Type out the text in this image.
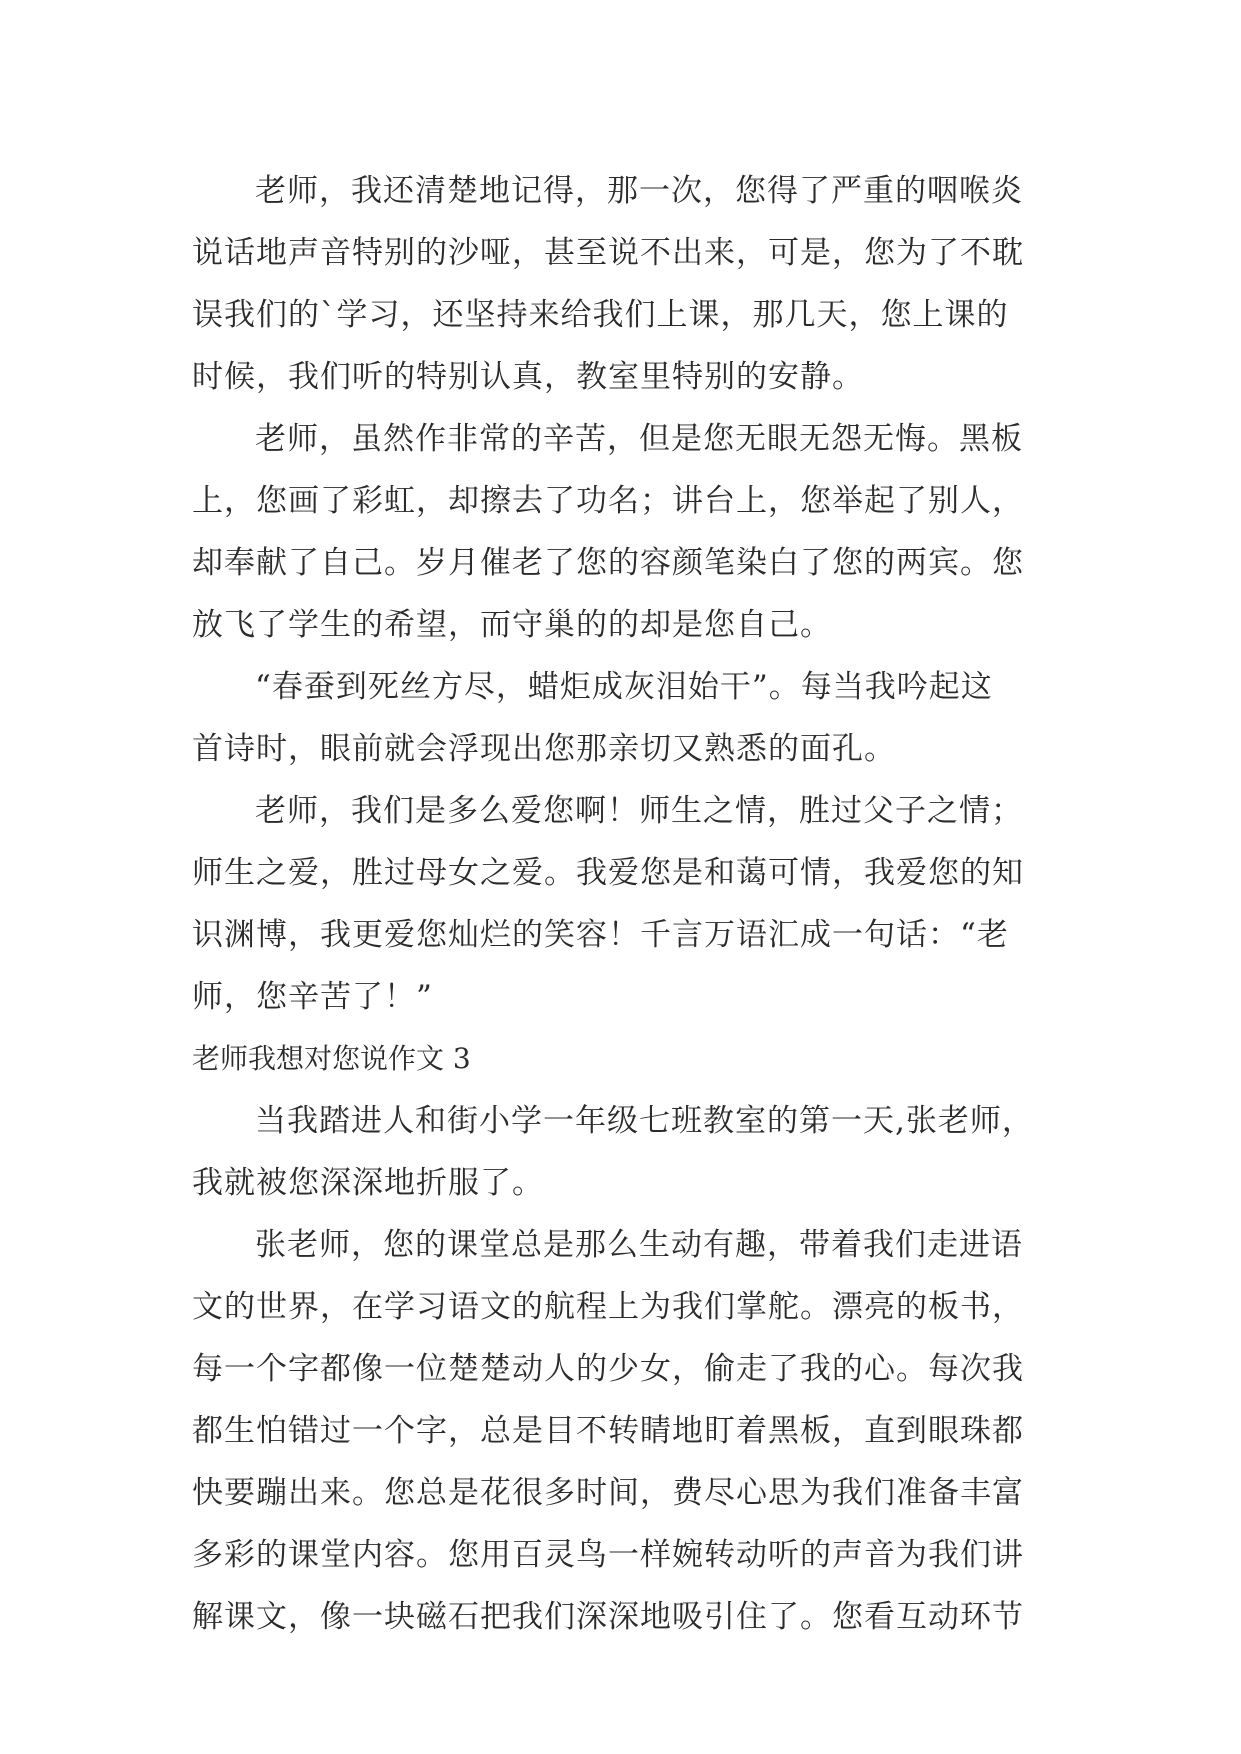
老师，我还清楚地记得，那一次，您得了严重的咽喉炎
说话地声音特别的沙哑，甚至说不出来，可是，您为了不耽
误我们的`学习，还坚持来给我们上课，那几天，您上课的
时候，我们听的特别认真，教室里特别的安静。
老师，虽然作非常的辛苦，但是您无眼无怨无悔。黑板
上，您画了彩虹，却擦去了功名；讲台上，您举起了别人，
却奉献了自己。岁月催老了您的容颜笔染白了您的两宾。您
放飞了学生的希望，而守巢的的却是您自己。
“春蚕到死丝方尽，蜡炬成灰泪始干”。每当我吟起这
首诗时，眼前就会浮现出您那亲切又熟悉的面孔。
老师，我们是多么爱您啊！师生之情，胜过父子之情；
师生之爱，胜过母女之爱。我爱您是和蔼可情，我爱您的知
识渊博，我更爱您灿烂的笑容！千言万语汇成一句话：“老
师，您辛苦了！”
老师我想对您说作文 3
当我踏进人和街小学一年级七班教室的第一天,张老师，
我就被您深深地折服了。
张老师，您的课堂总是那么生动有趣，带着我们走进语
文的世界，在学习语文的航程上为我们掌舵。漂亮的板书，
每一个字都像一位楚楚动人的少女，偷走了我的心。每次我
都生怕错过一个字，总是目不转睛地盯着黑板，直到眼珠都
快要蹦出来。您总是花很多时间，费尽心思为我们准备丰富
多彩的课堂内容。您用百灵鸟一样婉转动听的声音为我们讲
解课文，像一块磁石把我们深深地吸引住了。您看互动环节
